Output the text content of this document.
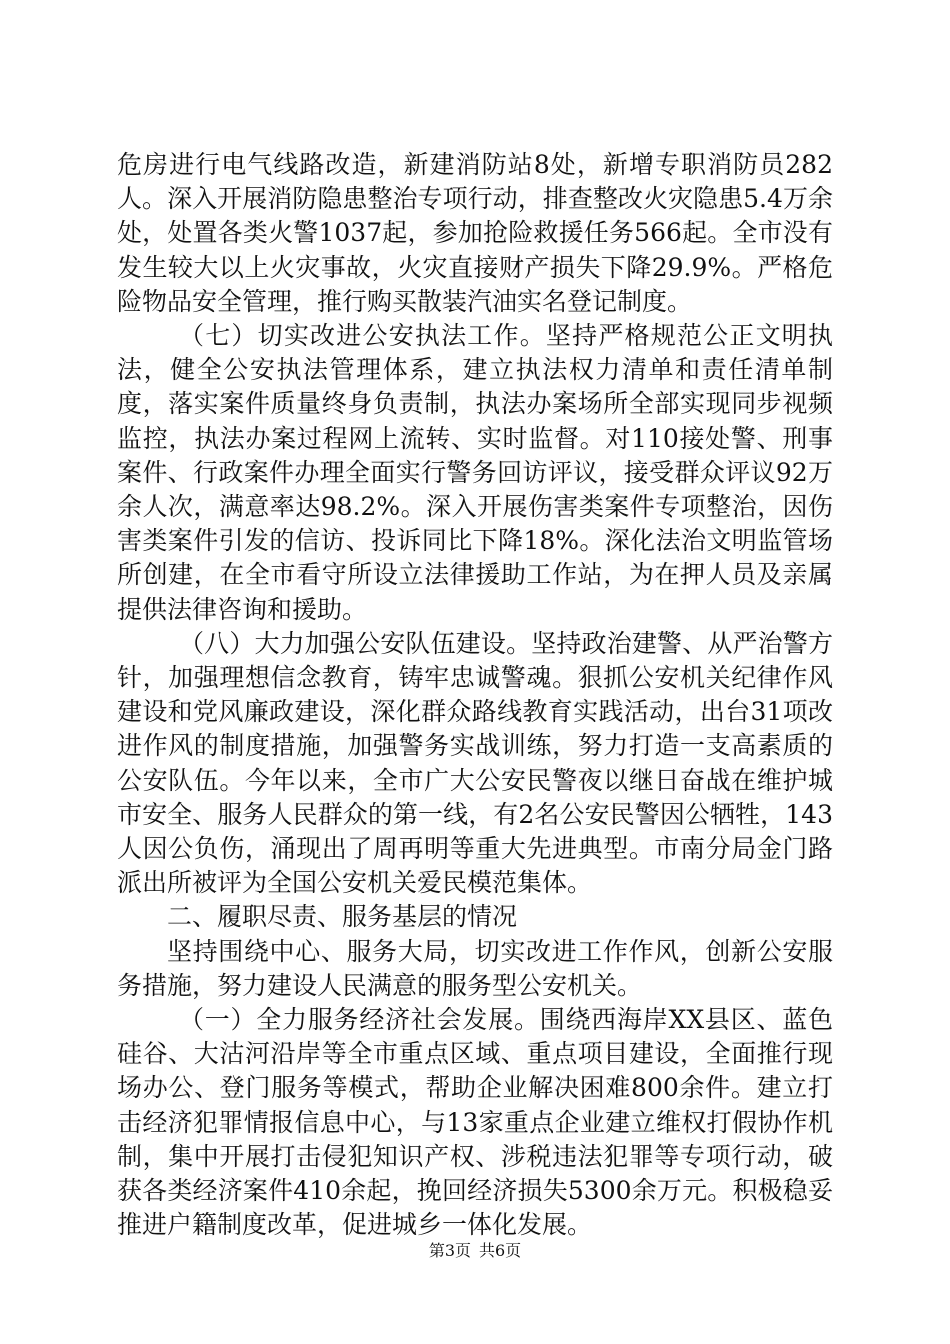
危房进行电气线路改造，新建消防站8处，新增专职消防员282人。深入开展消防隐患整治专项行动，排查整改火灾隐患5.4万余处，处置各类火警1037起，参加抢险救援任务566起。全市没有发生较大以上火灾事故，火灾直接财产损失下降29.9%。严格危险物品安全管理，推行购买散装汽油实名登记制度。

（七）切实改进公安执法工作。坚持严格规范公正文明执法，健全公安执法管理体系，建立执法权力清单和责任清单制度，落实案件质量终身负责制，执法办案场所全部实现同步视频监控，执法办案过程网上流转、实时监督。对110接处警、刑事案件、行政案件办理全面实行警务回访评议，接受群众评议92万余人次，满意率达98.2%。深入开展伤害类案件专项整治，因伤害类案件引发的信访、投诉同比下降18%。深化法治文明监管场所创建，在全市看守所设立法律援助工作站，为在押人员及亲属提供法律咨询和援助。

（八）大力加强公安队伍建设。坚持政治建警、从严治警方针，加强理想信念教育，铸牢忠诚警魂。狠抓公安机关纪律作风建设和党风廉政建设，深化群众路线教育实践活动，出台31项改进作风的制度措施，加强警务实战训练，努力打造一支高素质的公安队伍。今年以来，全市广大公安民警夜以继日奋战在维护城市安全、服务人民群众的第一线，有2名公安民警因公牺牲，143人因公负伤，涌现出了周再明等重大先进典型。市南分局金门路派出所被评为全国公安机关爱民模范集体。

二、履职尽责、服务基层的情况

坚持围绕中心、服务大局，切实改进工作作风，创新公安服务措施，努力建设人民满意的服务型公安机关。

（一）全力服务经济社会发展。围绕西海岸XX县区、蓝色硅谷、大沽河沿岸等全市重点区域、重点项目建设，全面推行现场办公、登门服务等模式，帮助企业解决困难800余件。建立打击经济犯罪情报信息中心，与13家重点企业建立维权打假协作机制，集中开展打击侵犯知识产权、涉税违法犯罪等专项行动，破获各类经济案件410余起，挽回经济损失5300余万元。积极稳妥推进户籍制度改革，促进城乡一体化发展。

第3页 共6页
